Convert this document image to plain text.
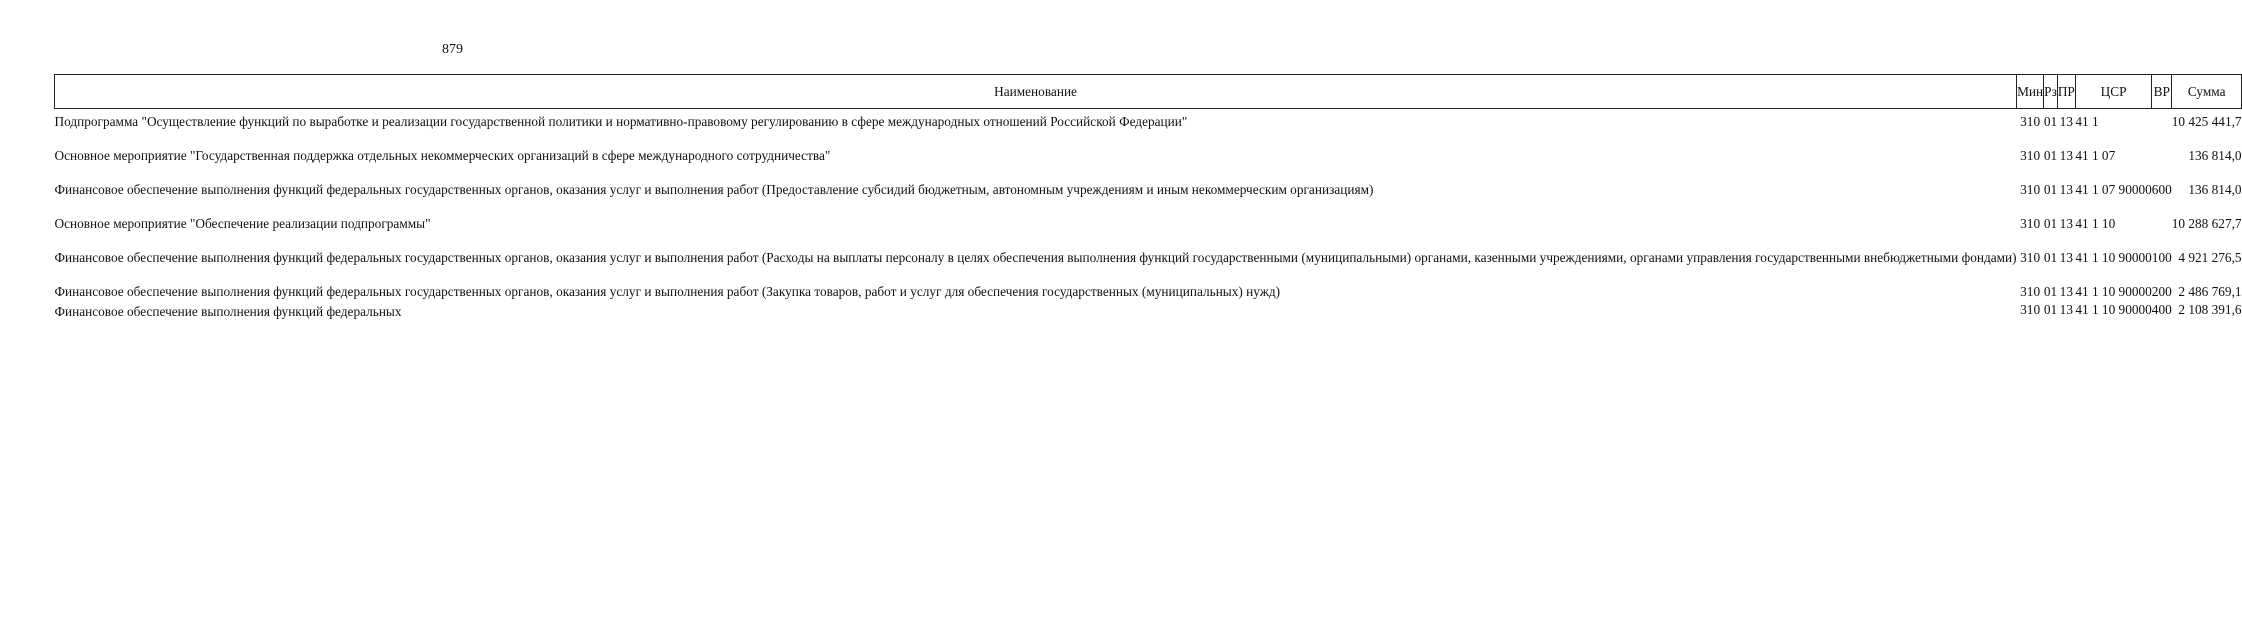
879
Наименование	Мин	Рз	ПР	ЦСР	ВР	Сумма
Подпрограмма "Осуществление функций по выработке и реализации государственной политики и нормативно-правовому регулированию в сфере международных отношений Российской Федерации"	310	01	13	41 1		10 425 441,7
Основное мероприятие "Государственная поддержка отдельных некоммерческих организаций в сфере международного сотрудничества"	310	01	13	41 1 07		136 814,0
Финансовое обеспечение выполнения функций федеральных государственных органов, оказания услуг и выполнения работ (Предоставление субсидий бюджетным, автономным учреждениям и иным некоммерческим организациям)	310	01	13	41 1 07 90000	600	136 814,0
Основное мероприятие "Обеспечение реализации подпрограммы"	310	01	13	41 1 10		10 288 627,7
Финансовое обеспечение выполнения функций федеральных государственных органов, оказания услуг и выполнения работ (Расходы на выплаты персоналу в целях обеспечения выполнения функций государственными (муниципальными) органами, казенными учреждениями, органами управления государственными внебюджетными фондами)	310	01	13	41 1 10 90000	100	4 921 276,5
Финансовое обеспечение выполнения функций федеральных государственных органов, оказания услуг и выполнения работ (Закупка товаров, работ и услуг для обеспечения государственных (муниципальных) нужд)	310	01	13	41 1 10 90000	200	2 486 769,1
Финансовое обеспечение выполнения функций федеральных	310	01	13	41 1 10 90000	400	2 108 391,6
